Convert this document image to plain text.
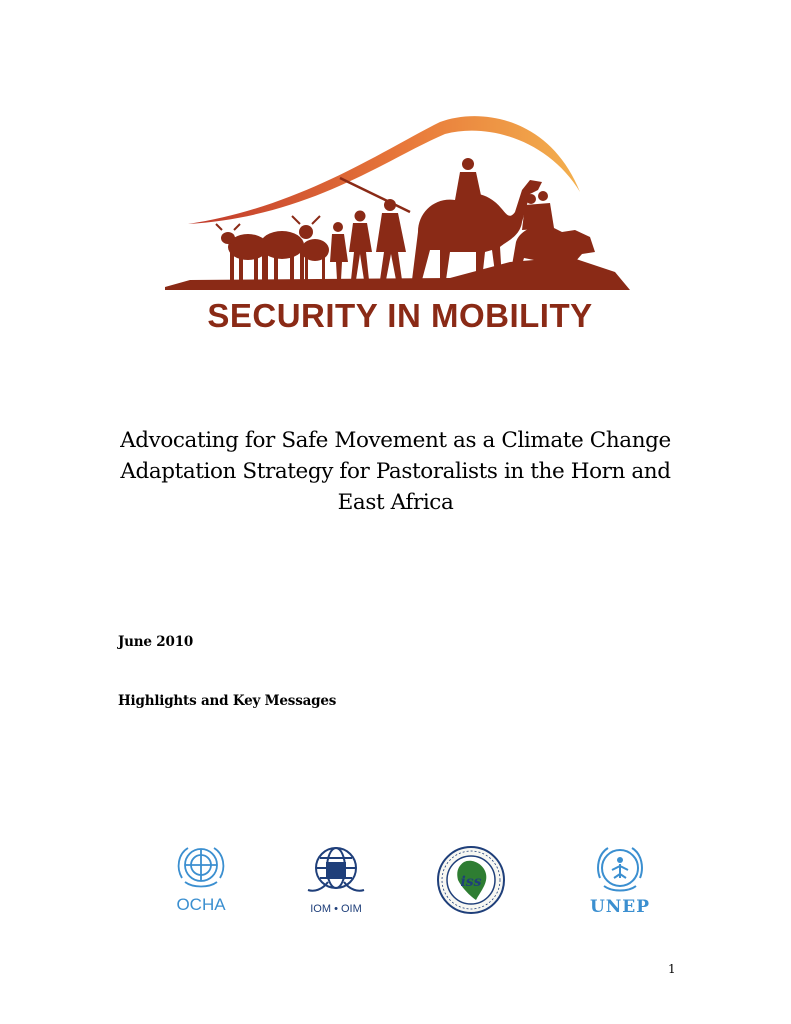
SECURITY IN MOBILITY
Advocating for Safe Movement as a Climate Change
Adaptation Strategy for Pastoralists in the Horn and
East Africa
June 2010
Highlights and Key Messages
OCHA	IOM • OIM
iss
UNEP
1
